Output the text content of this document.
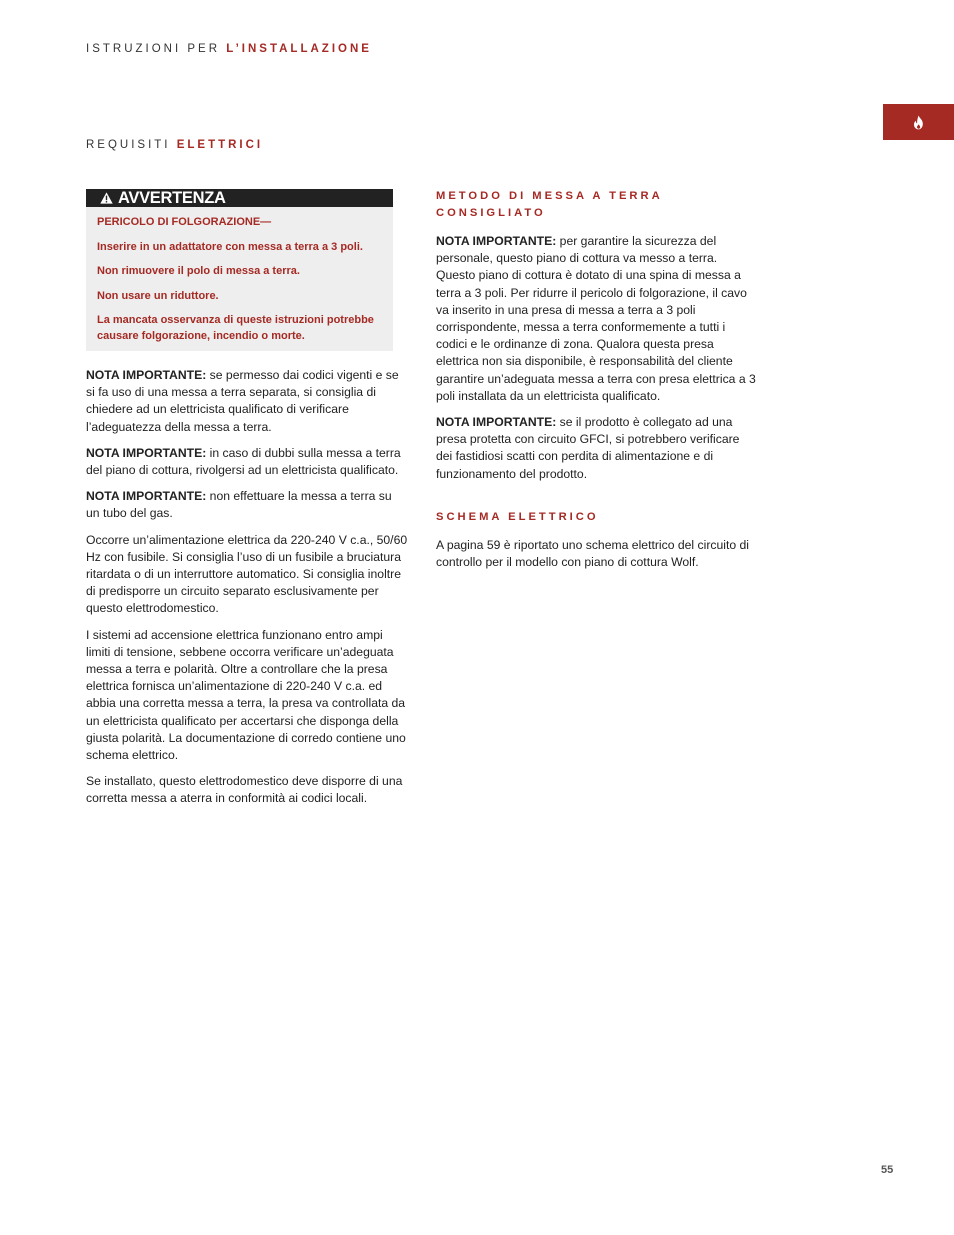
ISTRUZIONI PER L’INSTALLAZIONE
REQUISITI ELETTRICI
AVVERTENZA

PERICOLO DI FOLGORAZIONE—

Inserire in un adattatore con messa a terra a 3 poli.

Non rimuovere il polo di messa a terra.

Non usare un riduttore.

La mancata osservanza di queste istruzioni potrebbe causare folgorazione, incendio o morte.

NOTA IMPORTANTE: se permesso dai codici vigenti e se si fa uso di una messa a terra separata, si consiglia di chiedere ad un elettricista qualificato di verificare l’adeguatezza della messa a terra.

NOTA IMPORTANTE: in caso di dubbi sulla messa a terra del piano di cottura, rivolgersi ad un elettricista qualificato.

NOTA IMPORTANTE: non effettuare la messa a terra su un tubo del gas.

Occorre un’alimentazione elettrica da 220-240 V c.a., 50/60 Hz con fusibile. Si consiglia l’uso di un fusibile a bruciatura ritardata o di un interruttore automatico. Si consiglia inoltre di predisporre un circuito separato esclusivamente per questo elettrodomestico.

I sistemi ad accensione elettrica funzionano entro ampi limiti di tensione, sebbene occorra verificare un’adeguata messa a terra e polarità. Oltre a controllare che la presa elettrica fornisca un’alimentazione di 220-240 V c.a. ed abbia una corretta messa a terra, la presa va controllata da un elettricista qualificato per accertarsi che disponga della giusta polarità. La documentazione di corredo contiene uno schema elettrico.

Se installato, questo elettrodomestico deve disporre di una corretta messa a aterra in conformità ai codici locali.

METODO DI MESSA A TERRA CONSIGLIATO

NOTA IMPORTANTE: per garantire la sicurezza del personale, questo piano di cottura va messo a terra. Questo piano di cottura è dotato di una spina di messa a terra a 3 poli. Per ridurre il pericolo di folgorazione, il cavo va inserito in una presa di messa a terra a 3 poli corrispondente, messa a terra conformemente a tutti i codici e le ordinanze di zona. Qualora questa presa elettrica non sia disponibile, è responsabilità del cliente garantire un’adeguata messa a terra con presa elettrica a 3 poli installata da un elettricista qualificato.

NOTA IMPORTANTE: se il prodotto è collegato ad una presa protetta con circuito GFCI, si potrebbero verificare dei fastidiosi scatti con perdita di alimentazione e di funzionamento del prodotto.

SCHEMA ELETTRICO

A pagina 59 è riportato uno schema elettrico del circuito di controllo per il modello con piano di cottura Wolf.

55
